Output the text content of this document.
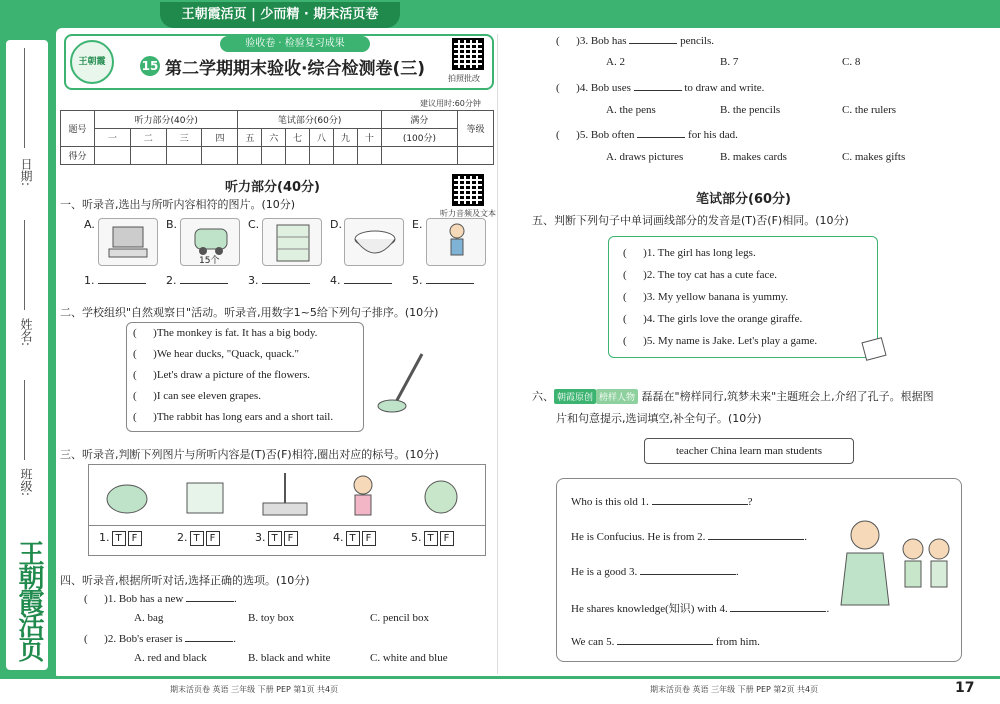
王朝霞活页 | 少而精 · 期末活页卷
日期:
姓名:
班级:
王朝霞活页
王朝霞
验收卷 · 检验复习成果
15 第二学期期末验收·综合检测卷(三)	拍照批改
建议用时:60分钟
题号	听力部分(40分)				笔试部分(60分)						满分	等级
	一	二	三	四	五	六	七	八	九	十	(100分)	
得分												
听力部分(40分)
听力音频及文本
一、听录音,选出与所听内容相符的图片。(10分)
A.	B.
15个
C.	D.	E.
1.	2.	3.	4.	5.
二、学校组织"自然观察日"活动。听录音,用数字1~5给下列句子排序。(10分)
(      )The monkey is fat. It has a big body.
(      )We hear ducks, "Quack, quack."
(      )Let's draw a picture of the flowers.
(      )I can see eleven grapes.
(      )The rabbit has long ears and a short tail.
三、听录音,判断下列图片与所听内容是(T)否(F)相符,圈出对应的标号。(10分)
1. T F	2. T F	3. T F	4. T F	5. T F
四、听录音,根据所听对话,选择正确的选项。(10分)
(      )1. Bob has a new	.
A. bag	B. toy box	C. pencil box
(      )2. Bob's eraser is	.
A. red and black	B. black and white	C. white and blue
(      )3. Bob has	pencils.
A. 2	B. 7	C. 8
(      )4. Bob uses	to draw and write.
A. the pens	B. the pencils	C. the rulers
(      )5. Bob often	for his dad.
A. draws pictures	B. makes cards	C. makes gifts
笔试部分(60分)
五、判断下列句子中单词画线部分的发音是(T)否(F)相同。(10分)
(      )1. The girl has long legs.
(      )2. The toy cat has a cute face.
(      )3. My yellow banana is yummy.
(      )4. The girls love the orange giraffe.
(      )5. My name is Jake. Let's play a game.
六、 朝霞原创 榜样人物 磊磊在"榜样同行,筑梦未来"主题班会上,介绍了孔子。根据图
片和句意提示,选词填空,补全句子。(10分)
teacher China learn man students
Who is this old 1.	?
He is Confucius. He is from 2.	.
He is a good 3.	.
He shares knowledge(知识) with 4.	.
We can 5.	from him.
期末活页卷 英语 三年级 下册 PEP 第1页 共4页	期末活页卷 英语 三年级 下册 PEP 第2页 共4页	17
